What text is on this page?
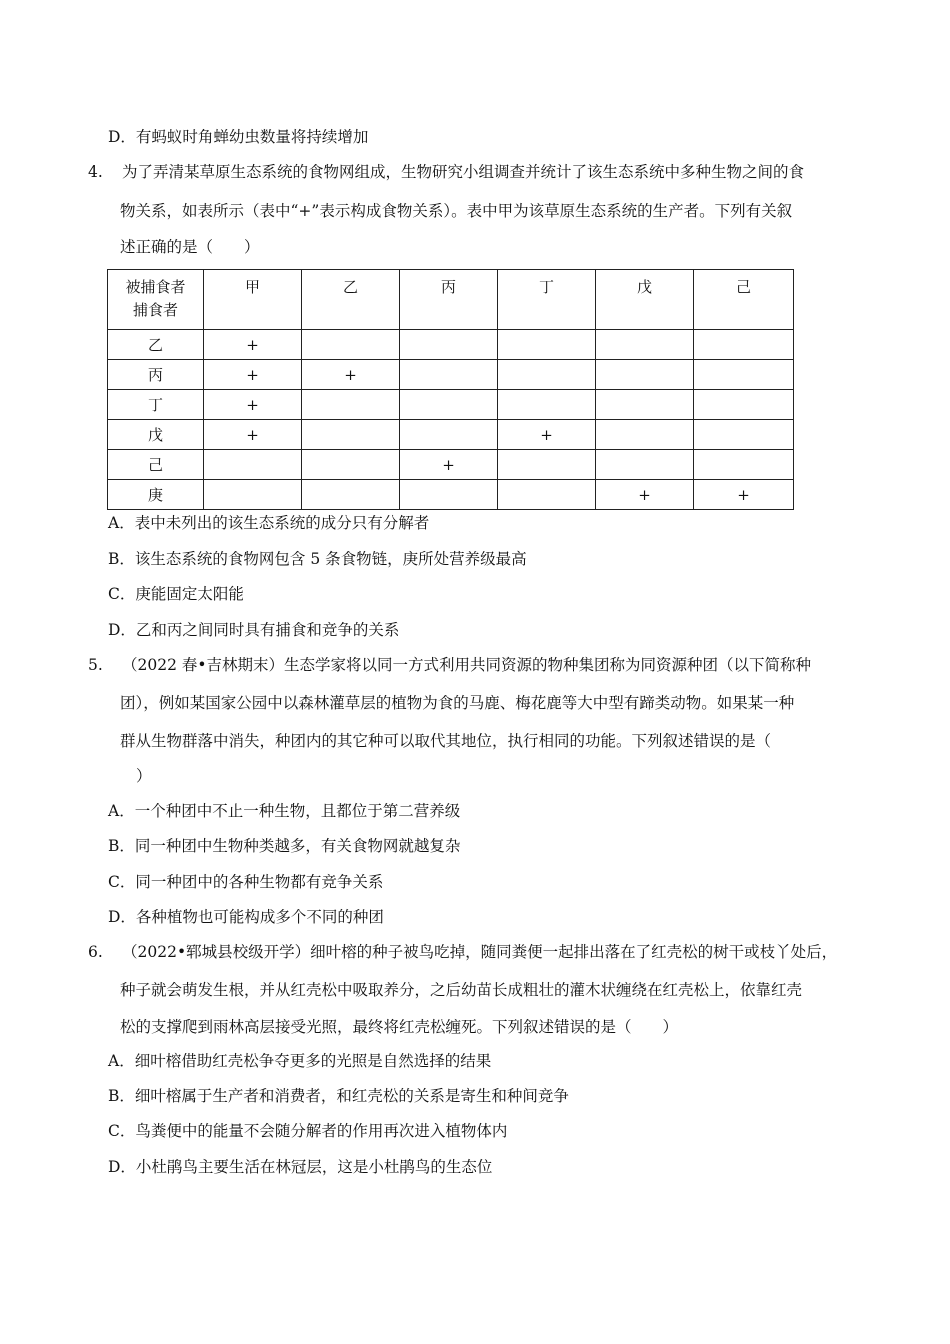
D．有蚂蚁时角蝉幼虫数量将持续增加
4. 为了弄清某草原生态系统的食物网组成，生物研究小组调查并统计了该生态系统中多种生物之间的食
物关系，如表所示（表中“+”表示构成食物关系）。表中甲为该草原生态系统的生产者。下列有关叙
述正确的是（　　）
被捕食者
捕食者	甲	乙	丙	丁	戊	己
乙	+					
丙	+	+				
丁	+					
戊	+			+		
己			+			
庚					+	+
A．表中未列出的该生态系统的成分只有分解者
B．该生态系统的食物网包含 5 条食物链，庚所处营养级最高
C．庚能固定太阳能
D．乙和丙之间同时具有捕食和竞争的关系
5. （2022 春•吉林期末）生态学家将以同一方式利用共同资源的物种集团称为同资源种团（以下简称种
团），例如某国家公园中以森林灌草层的植物为食的马鹿、梅花鹿等大中型有蹄类动物。如果某一种
群从生物群落中消失，种团内的其它种可以取代其地位，执行相同的功能。下列叙述错误的是（
）
A．一个种团中不止一种生物，且都位于第二营养级
B．同一种团中生物种类越多，有关食物网就越复杂
C．同一种团中的各种生物都有竞争关系
D．各种植物也可能构成多个不同的种团
6. （2022•郓城县校级开学）细叶榕的种子被鸟吃掉，随同粪便一起排出落在了红壳松的树干或枝丫处后，
种子就会萌发生根，并从红壳松中吸取养分，之后幼苗长成粗壮的灌木状缠绕在红壳松上，依靠红壳
松的支撑爬到雨林高层接受光照，最终将红壳松缠死。下列叙述错误的是（　　）
A．细叶榕借助红壳松争夺更多的光照是自然选择的结果
B．细叶榕属于生产者和消费者，和红壳松的关系是寄生和种间竞争
C．鸟粪便中的能量不会随分解者的作用再次进入植物体内
D．小杜鹃鸟主要生活在林冠层，这是小杜鹃鸟的生态位
